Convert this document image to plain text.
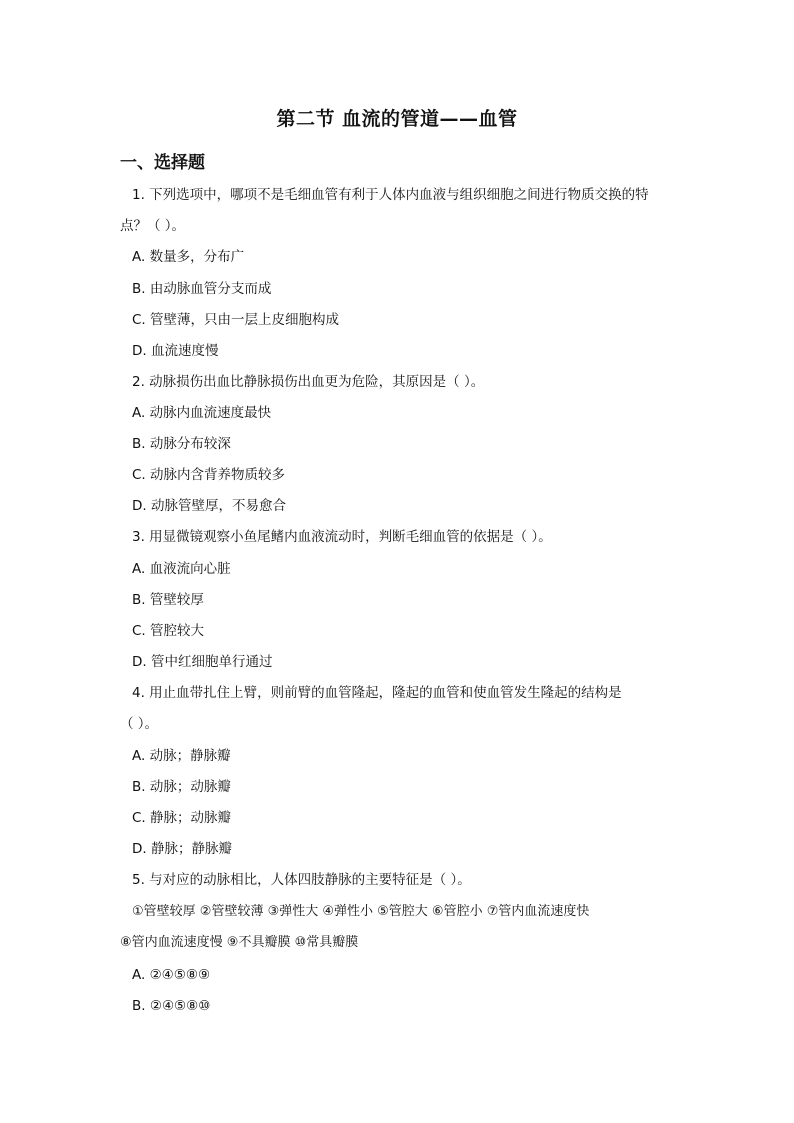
第二节 血流的管道——血管
一、选择题
1. 下列选项中，哪项不是毛细血管有利于人体内血液与组织细胞之间进行物质交换的特
点？（ ）。
A. 数量多，分布广
B. 由动脉血管分支而成
C. 管壁薄，只由一层上皮细胞构成
D. 血流速度慢
2. 动脉损伤出血比静脉损伤出血更为危险，其原因是（ ）。
A. 动脉内血流速度最快
B. 动脉分布较深
C. 动脉内含背养物质较多
D. 动脉管壁厚，不易愈合
3. 用显微镜观察小鱼尾鳍内血液流动时，判断毛细血管的依据是（ ）。
A. 血液流向心脏
B. 管壁较厚
C. 管腔较大
D. 管中红细胞单行通过
4. 用止血带扎住上臂，则前臂的血管隆起，隆起的血管和使血管发生隆起的结构是
（ ）。
A. 动脉；静脉瓣
B. 动脉；动脉瓣
C. 静脉；动脉瓣
D. 静脉；静脉瓣
5. 与对应的动脉相比，人体四肢静脉的主要特征是（ ）。
①管壁较厚 ②管壁较薄 ③弹性大 ④弹性小 ⑤管腔大 ⑥管腔小 ⑦管内血流速度快
⑧管内血流速度慢 ⑨不具瓣膜 ⑩常具瓣膜
A. ②④⑤⑧⑨
B. ②④⑤⑧⑩
